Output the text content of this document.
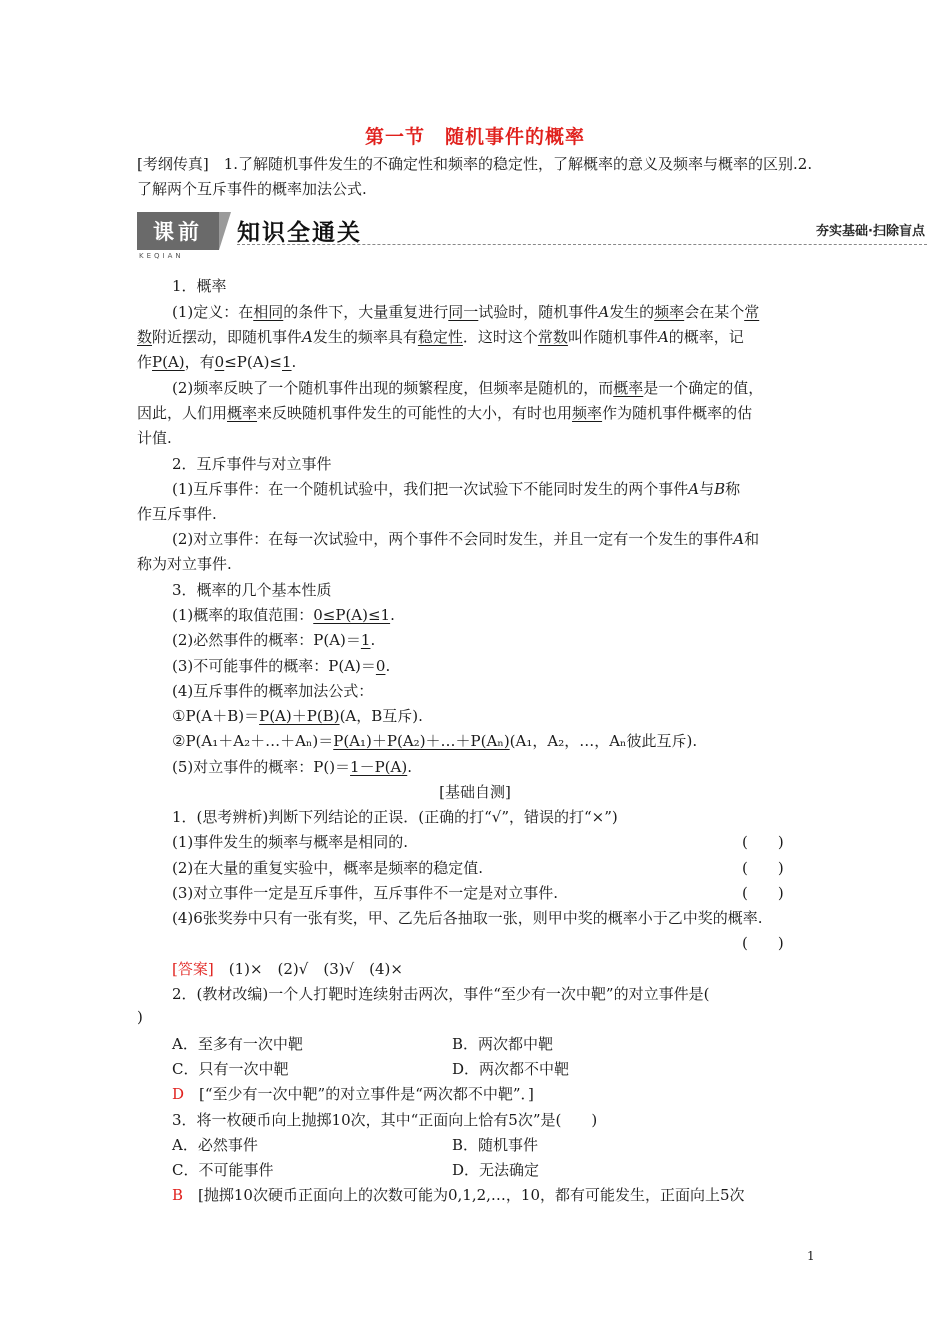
第一节　随机事件的概率
[考纲传真]　1.了解随机事件发生的不确定性和频率的稳定性，了解概率的意义及频率与概率的区别.2.了解两个互斥事件的概率加法公式.
课前
KEQIAN
知识全通关	夯实基础·扫除盲点
1．概率
(1)定义：在相同的条件下，大量重复进行同一试验时，随机事件A发生的频率会在某个常
数附近摆动，即随机事件A发生的频率具有稳定性．这时这个常数叫作随机事件A的概率，记
作P(A)，有0≤P(A)≤1.
(2)频率反映了一个随机事件出现的频繁程度，但频率是随机的，而概率是一个确定的值，
因此，人们用概率来反映随机事件发生的可能性的大小，有时也用频率作为随机事件概率的估
计值.
2．互斥事件与对立事件
(1)互斥事件：在一个随机试验中，我们把一次试验下不能同时发生的两个事件A与B称
作互斥事件.
(2)对立事件：在每一次试验中，两个事件不会同时发生，并且一定有一个发生的事件A和
称为对立事件.
3．概率的几个基本性质
(1)概率的取值范围：0≤P(A)≤1.
(2)必然事件的概率：P(A)＝1.
(3)不可能事件的概率：P(A)＝0.
(4)互斥事件的概率加法公式：
①P(A＋B)＝P(A)＋P(B)(A，B互斥).
②P(A₁＋A₂＋…＋Aₙ)＝P(A₁)＋P(A₂)＋…＋P(Aₙ)(A₁，A₂，…，Aₙ彼此互斥).
(5)对立事件的概率：P()＝1－P(A).
[基础自测]
1．(思考辨析)判断下列结论的正误．(正确的打“√”，错误的打“×”)
(1)事件发生的频率与概率是相同的.	(　　)
(2)在大量的重复实验中，概率是频率的稳定值.	(　　)
(3)对立事件一定是互斥事件，互斥事件不一定是对立事件.	(　　)
(4)6张奖券中只有一张有奖，甲、乙先后各抽取一张，则甲中奖的概率小于乙中奖的概率.
(　　)
[答案]　(1)×　(2)√　(3)√　(4)×
2．(教材改编)一个人打靶时连续射击两次，事件“至少有一次中靶”的对立事件是(
)
A．至多有一次中靶	B．两次都中靶
C．只有一次中靶	D．两次都不中靶
D　[“至少有一次中靶”的对立事件是“两次都不中靶”．]
3．将一枚硬币向上抛掷10次，其中“正面向上恰有5次”是(　　)
A．必然事件	B．随机事件
C．不可能事件	D．无法确定
B　[抛掷10次硬币正面向上的次数可能为0,1,2,…，10，都有可能发生，正面向上5次
1
